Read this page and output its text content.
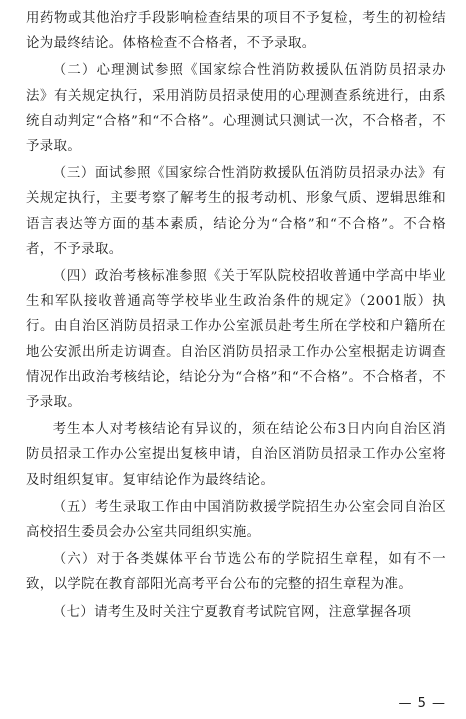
用药物或其他治疗手段影响检查结果的项目不予复检，考生的初检结论为最终结论。体格检查不合格者，不予录取。

（二）心理测试参照《国家综合性消防救援队伍消防员招录办法》有关规定执行，采用消防员招录使用的心理测查系统进行，由系统自动判定“合格”和“不合格”。心理测试只测试一次，不合格者，不予录取。

（三）面试参照《国家综合性消防救援队伍消防员招录办法》有关规定执行，主要考察了解考生的报考动机、形象气质、逻辑思维和语言表达等方面的基本素质，结论分为“合格”和“不合格”。不合格者，不予录取。

（四）政治考核标准参照《关于军队院校招收普通中学高中毕业生和军队接收普通高等学校毕业生政治条件的规定》（2001版）执行。由自治区消防员招录工作办公室派员赴考生所在学校和户籍所在地公安派出所走访调查。自治区消防员招录工作办公室根据走访调查情况作出政治考核结论，结论分为“合格”和“不合格”。不合格者，不予录取。

考生本人对考核结论有异议的，须在结论公布3日内向自治区消防员招录工作办公室提出复核申请，自治区消防员招录工作办公室将及时组织复审。复审结论作为最终结论。

（五）考生录取工作由中国消防救援学院招生办公室会同自治区高校招生委员会办公室共同组织实施。

（六）对于各类媒体平台节选公布的学院招生章程，如有不一致，以学院在教育部阳光高考平台公布的完整的招生章程为准。

（七）请考生及时关注宁夏教育考试院官网，注意掌握各项

— 5 —
